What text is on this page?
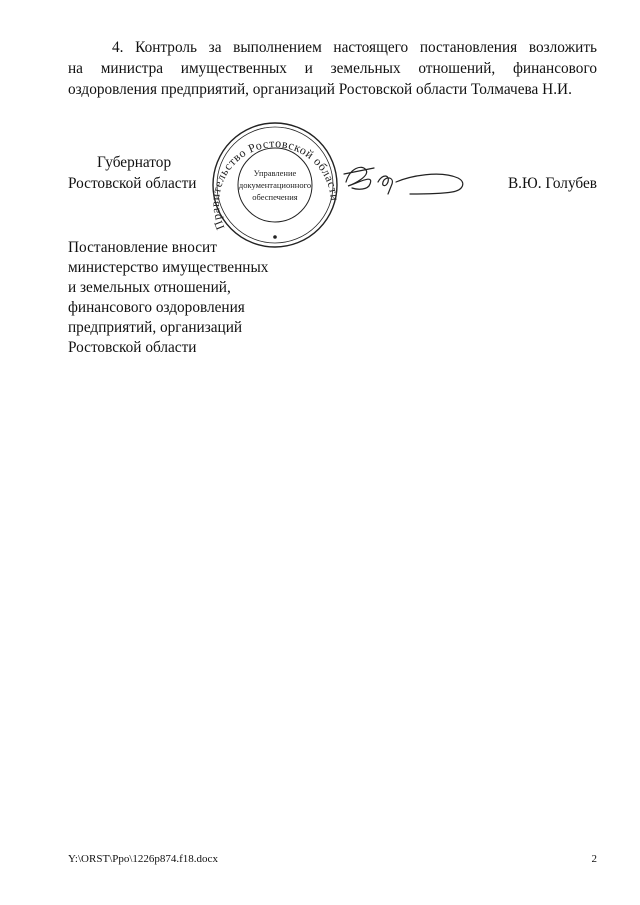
4. Контроль за выполнением настоящего постановления возложить
на министра имущественных и земельных отношений, финансового
оздоровления предприятий, организаций Ростовской области Толмачева Н.И.
Губернатор
Ростовской области	В.Ю. Голубев
Правительство Ростовской области
Управление
документационного
обеспечения
Постановление вносит
министерство имущественных
и земельных отношений,
финансового оздоровления
предприятий, организаций
Ростовской области
Y:\ORST\Ppo\1226p874.f18.docx	2
